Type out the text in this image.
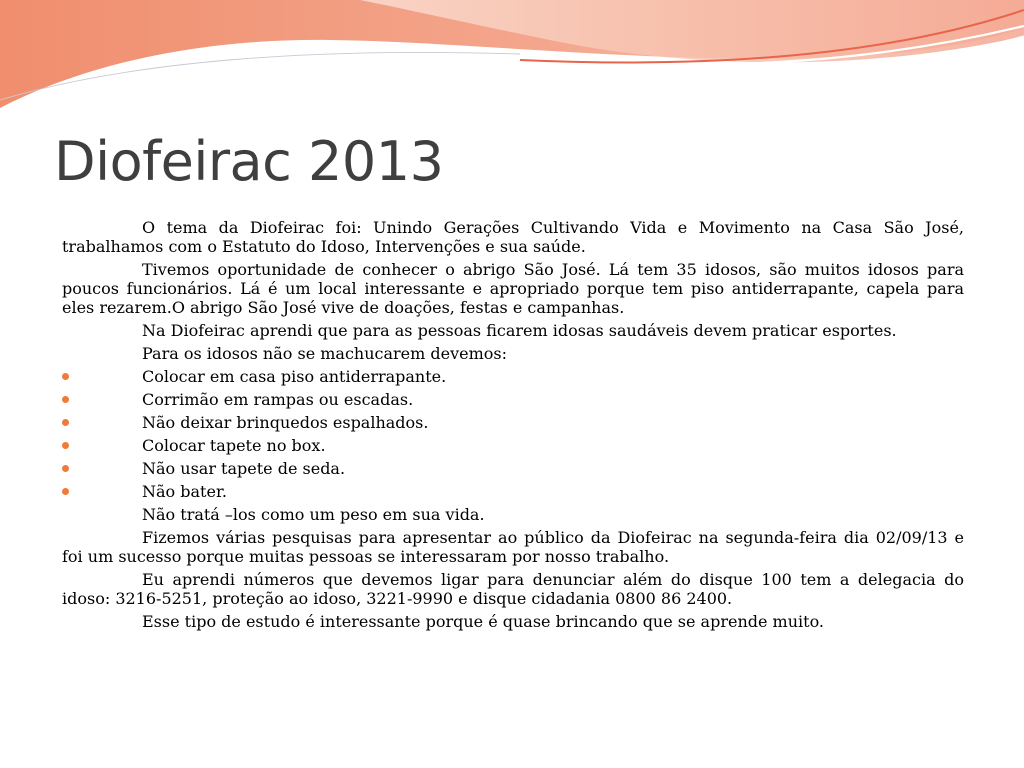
Diofeirac 2013

O tema da Diofeirac foi: Unindo Gerações Cultivando Vida e Movimento na Casa São José, trabalhamos com o Estatuto do Idoso, Intervenções e sua saúde.

Tivemos oportunidade de conhecer o abrigo São José. Lá tem 35 idosos, são muitos idosos para poucos funcionários. Lá é um local interessante e apropriado porque tem piso antiderrapante, capela para eles rezarem.O abrigo São José vive de doações, festas e campanhas.

Na Diofeirac aprendi que para as pessoas ficarem idosas saudáveis devem praticar esportes.

Para os idosos não se machucarem devemos:

Colocar em casa piso antiderrapante.
Corrimão em rampas ou escadas.
Não deixar brinquedos espalhados.
Colocar tapete no box.
Não usar tapete de seda.
Não bater.

Não tratá –los como um peso em sua vida.

Fizemos várias pesquisas para apresentar ao público da Diofeirac na segunda-feira dia 02/09/13 e foi um sucesso porque muitas pessoas se interessaram por nosso trabalho.

Eu aprendi números que devemos ligar para denunciar além do disque 100 tem a delegacia do idoso: 3216-5251, proteção ao idoso, 3221-9990 e disque cidadania 0800 86 2400.

Esse tipo de estudo é interessante porque é quase brincando que se aprende muito.
